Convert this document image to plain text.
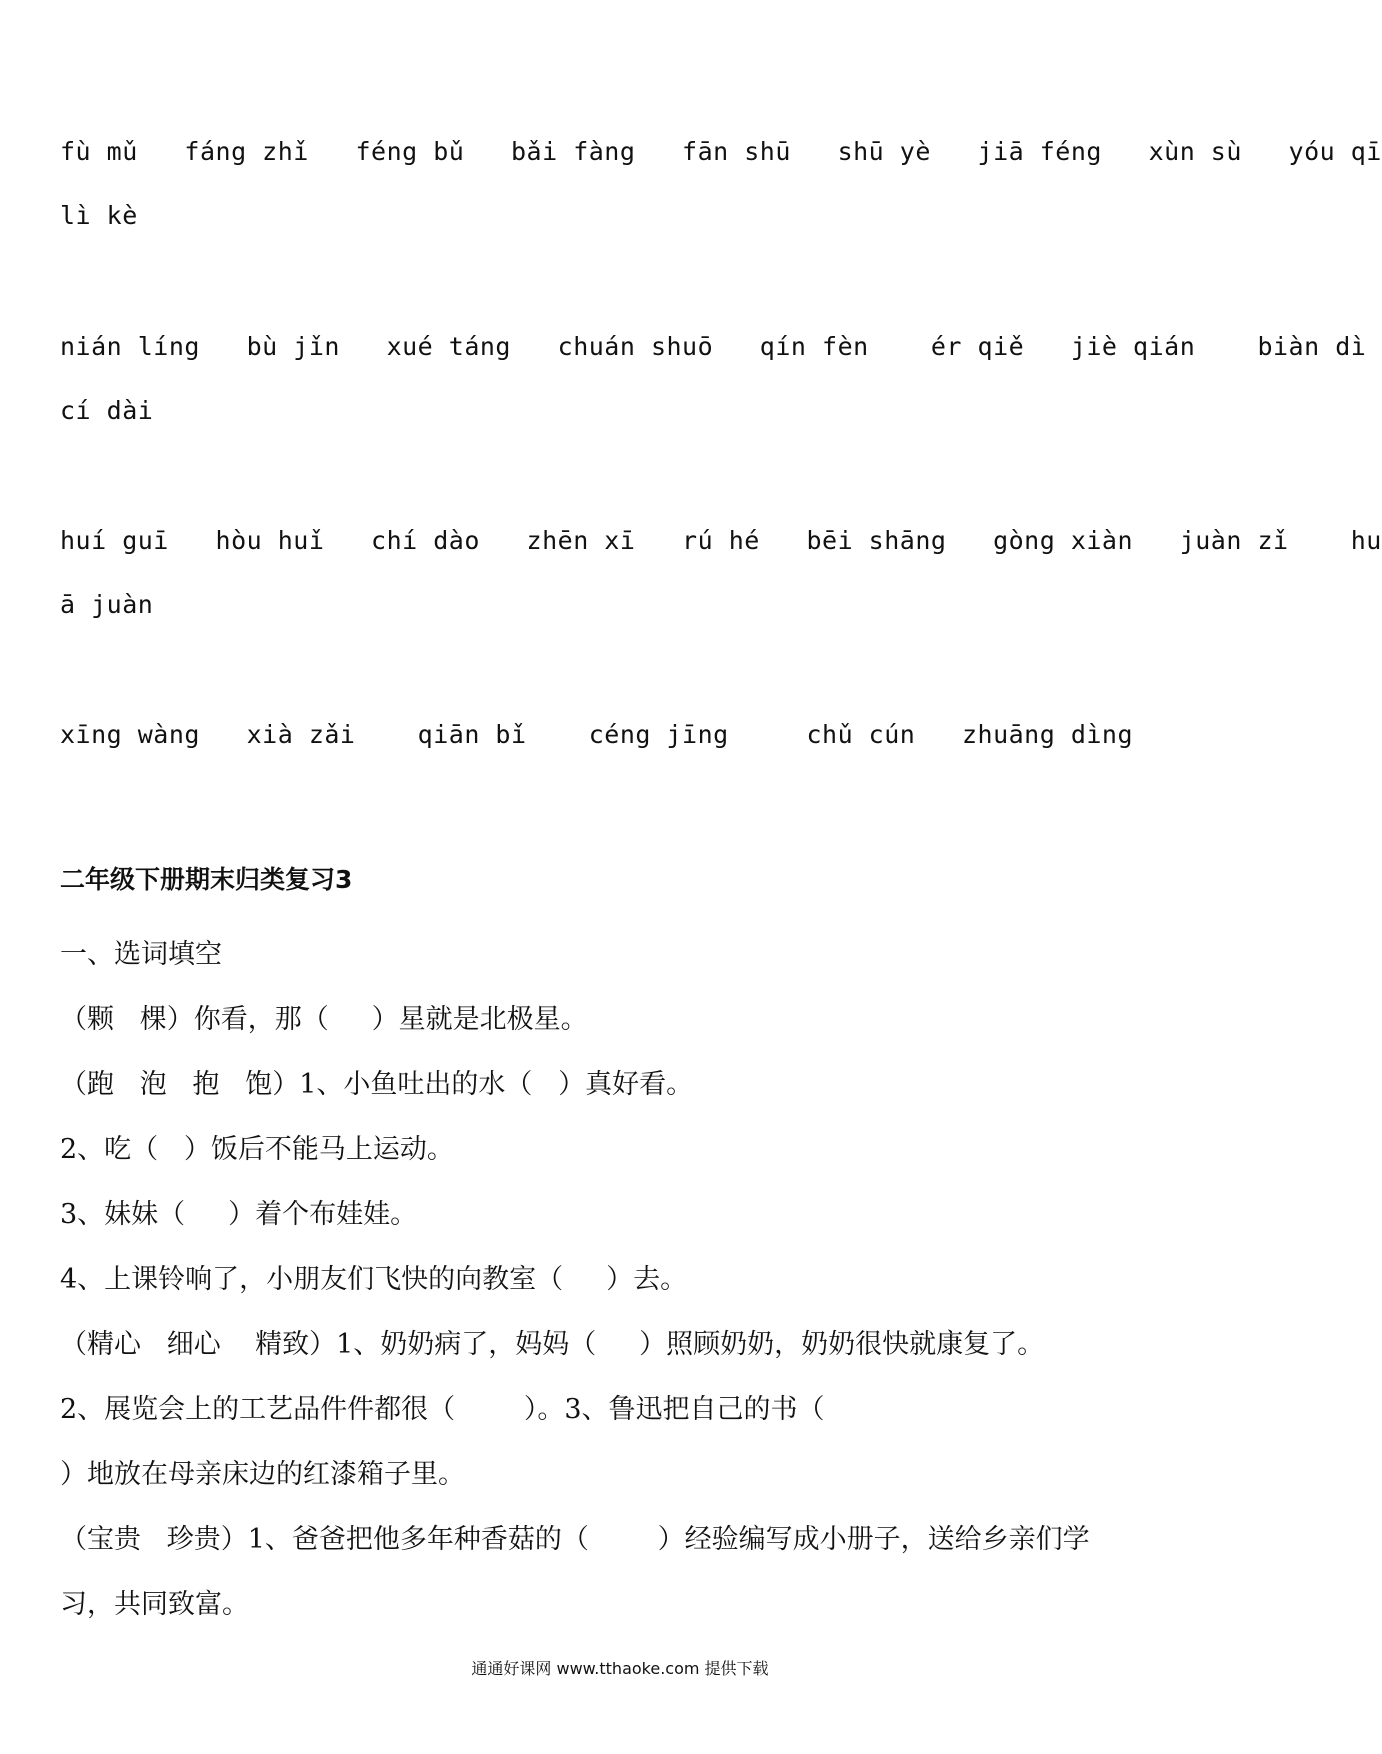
fù mǔ   fáng zhǐ   féng bǔ   bǎi fàng   fān shū   shū yè   jiā féng   xùn sù   yóu qī

lì kè

nián líng   bù jǐn   xué táng   chuán shuō   qín fèn    ér qiě   jiè qián    biàn dì

cí dài

huí guī   hòu huǐ   chí dào   zhēn xī   rú hé   bēi shāng   gòng xiàn   juàn zǐ    hu

ā juàn

xīng wàng   xià zǎi    qiān bǐ    céng jīng     chǔ cún   zhuāng dìng

二年级下册期末归类复习3

一、选词填空

（颗   棵）你看，那（     ）星就是北极星。

（跑   泡   抱   饱）1、小鱼吐出的水（   ）真好看。

2、吃（   ）饭后不能马上运动。

3、妹妹（     ）着个布娃娃。

4、上课铃响了，小朋友们飞快的向教室（     ）去。

（精心   细心    精致）1、奶奶病了，妈妈（     ）照顾奶奶，奶奶很快就康复了。

2、展览会上的工艺品件件都很（        ）。3、鲁迅把自己的书（

）地放在母亲床边的红漆箱子里。

（宝贵   珍贵）1、爸爸把他多年种香菇的（        ）经验编写成小册子，送给乡亲们学

习，共同致富。

通通好课网 www.tthaoke.com 提供下载
